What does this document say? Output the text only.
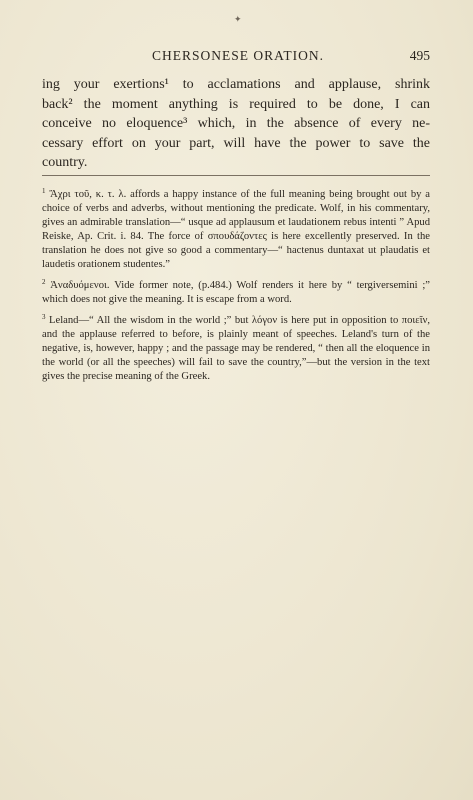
✦
CHERSONESE ORATION.	495
ing your exertions¹ to acclamations and applause, shrink
back² the moment anything is required to be done, I can
conceive no eloquence³ which, in the absence of every ne-
cessary effort on your part, will have the power to save the
country.

$^1$ Ἄχρι τοῦ, κ. τ. λ. affords a happy instance of the full meaning being brought out by a choice of verbs and adverbs, without mentioning the predicate. Wolf, in his commentary, gives an admirable translation—“ usque ad applausum et laudationem rebus intenti ” Apud Reiske, Ap. Crit. i. 84. The force of σπουδάζοντες is here excellently preserved. In the translation he does not give so good a commentary—“ hactenus duntaxat ut plaudatis et laudetis orationem studentes.”

$^2$ Ἀναδυόμενοι. Vide former note, (p.484.) Wolf renders it here by “ tergiversemini ;” which does not give the meaning. It is escape from a word.

$^3$ Leland—“ All the wisdom in the world ;” but λόγον is here put in opposition to ποιεῖν, and the applause referred to before, is plainly meant of speeches. Leland's turn of the negative, is, however, happy ; and the passage may be rendered, “ then all the eloquence in the world (or all the speeches) will fail to save the country,”—but the version in the text gives the precise meaning of the Greek.
